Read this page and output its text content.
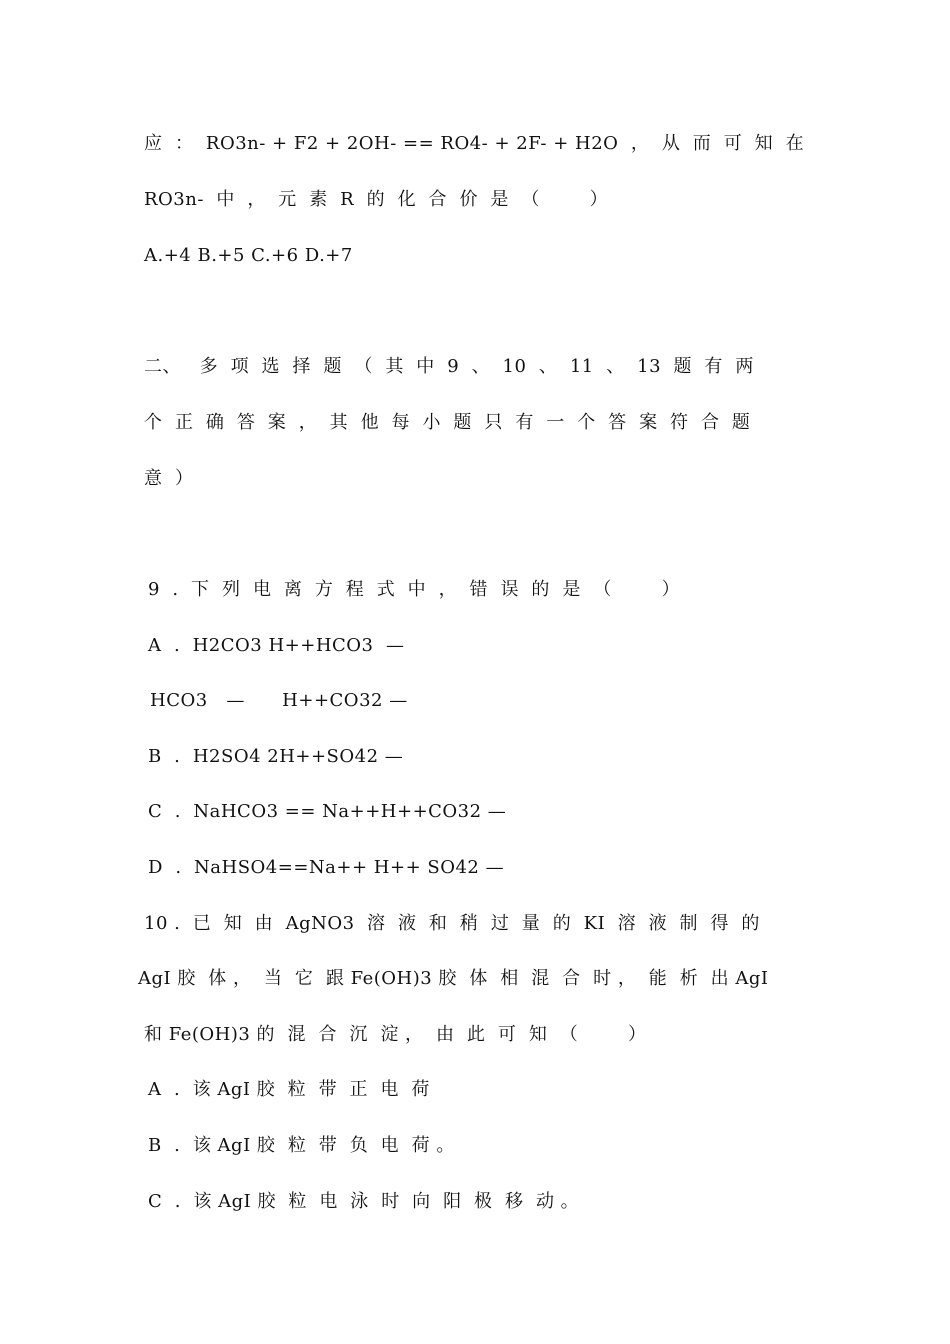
应  ：  RO3n- + F2 + 2OH- == RO4- + 2F- + H2O  ，  从  而  可  知  在
RO3n-  中  ，  元  素  R  的  化  合  价  是  （        ）
A.+4 B.+5 C.+6 D.+7
二、   多  项  选  择  题  （  其  中  9  、  10  、  11  、  13  题  有  两
个  正  确  答  案  ，  其  他  每  小  题  只  有  一  个  答  案  符  合  题
意  ）
9  .  下  列  电  离  方  程  式  中  ，  错  误  的  是  （        ）
A  .  H2CO3 H++HCO3  —
HCO3   —      H++CO32 —
B  .  H2SO4 2H++SO42 —
C  .  NaHCO3 == Na++H++CO32 —
D  .  NaHSO4==Na++ H++ SO42 —
10 .  已  知  由  AgNO3  溶  液  和  稍  过  量  的  KI  溶  液  制  得  的
AgI 胶  体 ，  当  它  跟 Fe(OH)3 胶  体  相  混  合  时 ，  能  析  出 AgI
和 Fe(OH)3 的  混  合  沉  淀 ，  由  此  可  知  （        ）
A  .  该 AgI 胶  粒  带  正  电  荷
B  .  该 AgI 胶  粒  带  负  电  荷 。
C  .  该 AgI 胶  粒  电  泳  时  向  阳  极  移  动 。
